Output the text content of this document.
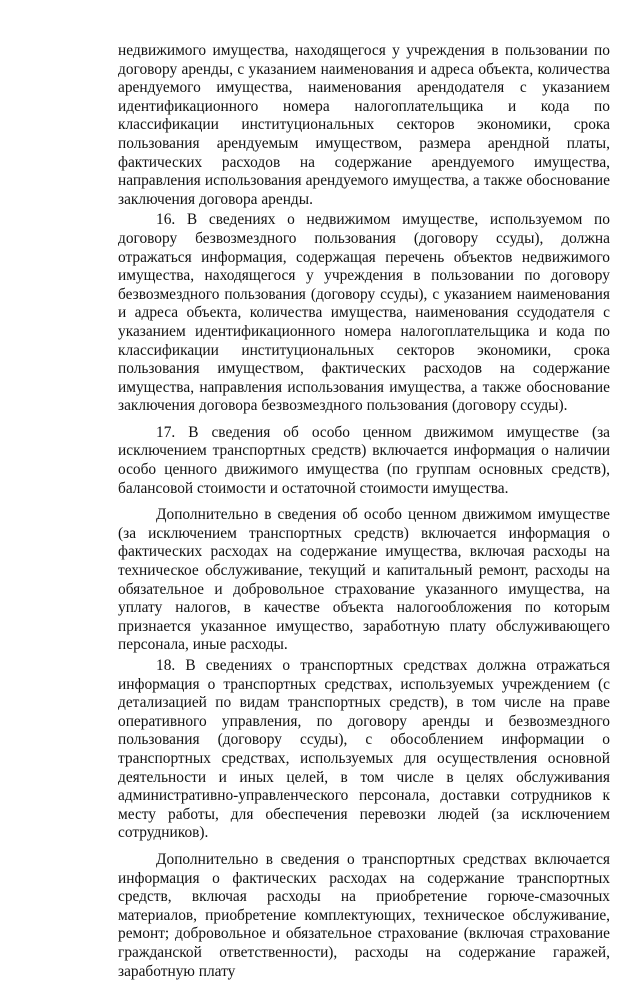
недвижимого имущества, находящегося у учреждения в пользовании по договору аренды, с указанием наименования и адреса объекта, количества арендуемого имущества, наименования арендодателя с указанием идентификационного номера налогоплательщика и кода по классификации институциональных секторов экономики, срока пользования арендуемым имуществом, размера арендной платы, фактических расходов на содержание арендуемого имущества, направления использования арендуемого имущества, а также обоснование заключения договора аренды.

16. В сведениях о недвижимом имуществе, используемом по договору безвозмездного пользования (договору ссуды), должна отражаться информация, содержащая перечень объектов недвижимого имущества, находящегося у учреждения в пользовании по договору безвозмездного пользования (договору ссуды), с указанием наименования и адреса объекта, количества имущества, наименования ссудодателя с указанием идентификационного номера налогоплательщика и кода по классификации институциональных секторов экономики, срока пользования имуществом, фактических расходов на содержание имущества, направления использования имущества, а также обоснование заключения договора безвозмездного пользования (договору ссуды).

17. В сведения об особо ценном движимом имуществе (за исключением транспортных средств) включается информация о наличии особо ценного движимого имущества (по группам основных средств), балансовой стоимости и остаточной стоимости имущества.

Дополнительно в сведения об особо ценном движимом имуществе (за исключением транспортных средств) включается информация о фактических расходах на содержание имущества, включая расходы на техническое обслуживание, текущий и капитальный ремонт, расходы на обязательное и добровольное страхование указанного имущества, на уплату налогов, в качестве объекта налогообложения по которым признается указанное имущество, заработную плату обслуживающего персонала, иные расходы.

18. В сведениях о транспортных средствах должна отражаться информация о транспортных средствах, используемых учреждением (с детализацией по видам транспортных средств), в том числе на праве оперативного управления, по договору аренды и безвозмездного пользования (договору ссуды), с обособлением информации о транспортных средствах, используемых для осуществления основной деятельности и иных целей, в том числе в целях обслуживания административно-управленческого персонала, доставки сотрудников к месту работы, для обеспечения перевозки людей (за исключением сотрудников).

Дополнительно в сведения о транспортных средствах включается информация о фактических расходах на содержание транспортных средств, включая расходы на приобретение горюче-смазочных материалов, приобретение комплектующих, техническое обслуживание, ремонт; добровольное и обязательное страхование (включая страхование гражданской ответственности), расходы на содержание гаражей, заработную плату
